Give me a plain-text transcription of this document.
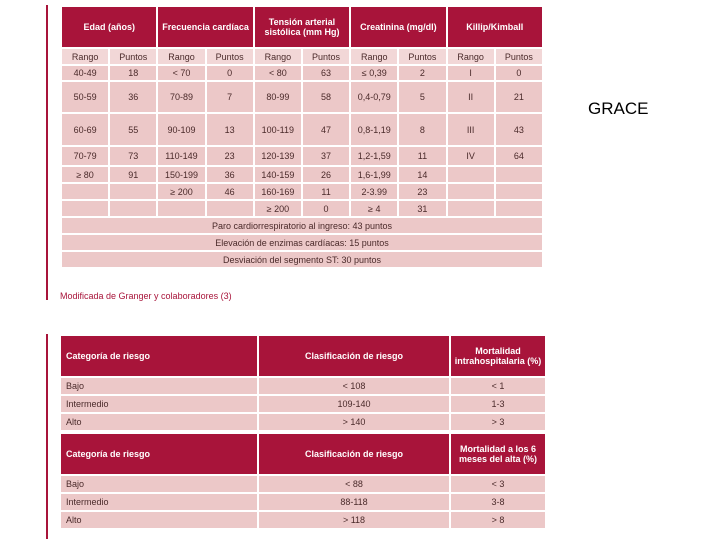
GRACE
Edad (años)		Frecuencia cardíaca		Tensión arterial sistólica (mm Hg)		Creatinina (mg/dl)		Killip/Kimball	
Rango	Puntos	Rango	Puntos	Rango	Puntos	Rango	Puntos	Rango	Puntos
40-49	18	< 70	0	< 80	63	≤ 0,39	2	I	0
50-59	36	70-89	7	80-99	58	0,4-0,79	5	II	21
60-69	55	90-109	13	100-119	47	0,8-1,19	8	III	43
70-79	73	110-149	23	120-139	37	1,2-1,59	11	IV	64
≥ 80	91	150-199	36	140-159	26	1,6-1,99	14		
		≥ 200	46	160-169	11	2-3.99	23		
				≥ 200	0	≥ 4	31		
Paro cardiorrespiratorio al ingreso: 43 puntos									
Elevación de enzimas cardíacas: 15 puntos									
Desviación del segmento ST: 30 puntos									
Modificada de Granger y colaboradores (3)
Categoría de riesgo	Clasificación de riesgo	Mortalidad intrahospitalaria (%)
Bajo	< 108	< 1
Intermedio	109-140	1-3
Alto	> 140	> 3
Categoría de riesgo	Clasificación de riesgo	Mortalidad a los 6 meses del alta (%)
Bajo	< 88	< 3
Intermedio	88-118	3-8
Alto	> 118	> 8
